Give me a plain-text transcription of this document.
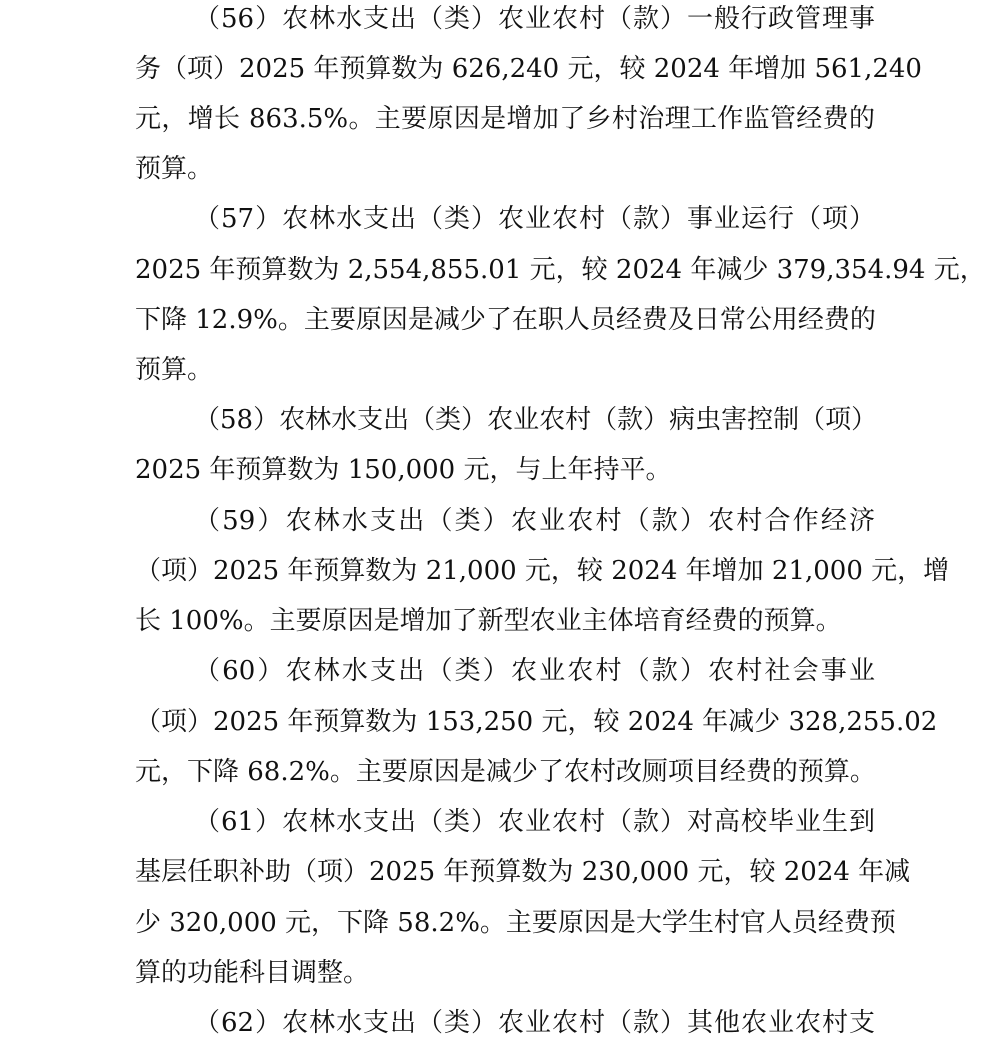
（56）农林水支出（类）农业农村（款）一般行政管理事
务（项）2025 年预算数为 626,240 元，较 2024 年增加 561,240
元，增长 863.5%。主要原因是增加了乡村治理工作监管经费的
预算。
（57）农林水支出（类）农业农村（款）事业运行（项）
2025 年预算数为 2,554,855.01 元，较 2024 年减少 379,354.94 元，
下降 12.9%。主要原因是减少了在职人员经费及日常公用经费的
预算。
（58）农林水支出（类）农业农村（款）病虫害控制（项）
2025 年预算数为 150,000 元，与上年持平。
（59）农林水支出（类）农业农村（款）农村合作经济
（项）2025 年预算数为 21,000 元，较 2024 年增加 21,000 元，增
长 100%。主要原因是增加了新型农业主体培育经费的预算。
（60）农林水支出（类）农业农村（款）农村社会事业
（项）2025 年预算数为 153,250 元，较 2024 年减少 328,255.02
元，下降 68.2%。主要原因是减少了农村改厕项目经费的预算。
（61）农林水支出（类）农业农村（款）对高校毕业生到
基层任职补助（项）2025 年预算数为 230,000 元，较 2024 年减
少 320,000 元，下降 58.2%。主要原因是大学生村官人员经费预
算的功能科目调整。
（62）农林水支出（类）农业农村（款）其他农业农村支
